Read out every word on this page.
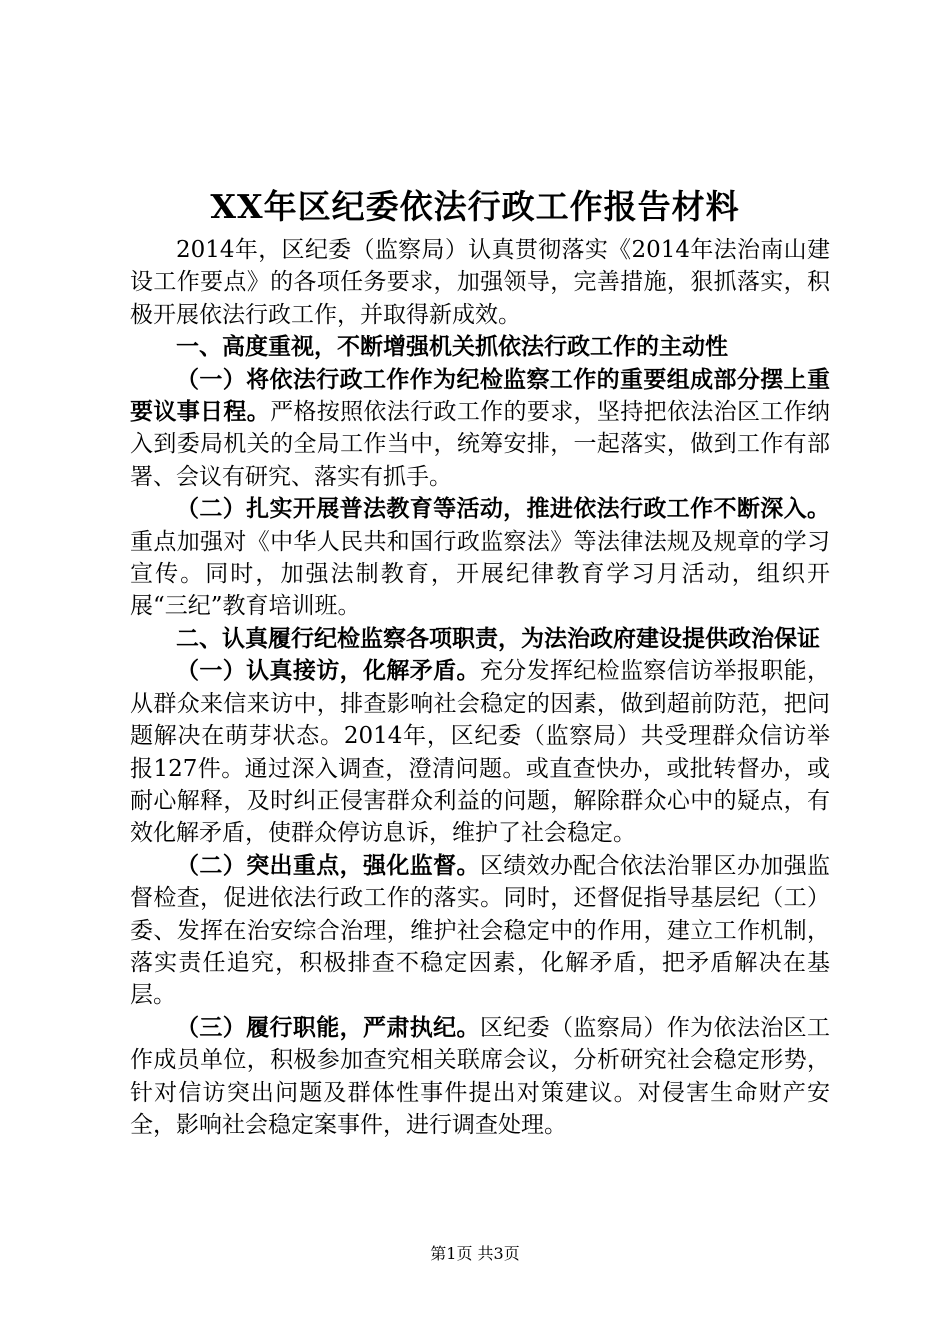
XX年区纪委依法行政工作报告材料

2014年，区纪委（监察局）认真贯彻落实《2014年法治南山建设工作要点》的各项任务要求，加强领导，完善措施，狠抓落实，积极开展依法行政工作，并取得新成效。

一、高度重视，不断增强机关抓依法行政工作的主动性

（一）将依法行政工作作为纪检监察工作的重要组成部分摆上重要议事日程。严格按照依法行政工作的要求，坚持把依法治区工作纳入到委局机关的全局工作当中，统筹安排，一起落实，做到工作有部署、会议有研究、落实有抓手。

（二）扎实开展普法教育等活动，推进依法行政工作不断深入。重点加强对《中华人民共和国行政监察法》等法律法规及规章的学习宣传。同时，加强法制教育，开展纪律教育学习月活动，组织开展“三纪”教育培训班。

二、认真履行纪检监察各项职责，为法治政府建设提供政治保证

（一）认真接访，化解矛盾。充分发挥纪检监察信访举报职能，从群众来信来访中，排查影响社会稳定的因素，做到超前防范，把问题解决在萌芽状态。2014年，区纪委（监察局）共受理群众信访举报127件。通过深入调查，澄清问题。或直查快办，或批转督办，或耐心解释，及时纠正侵害群众利益的问题，解除群众心中的疑点，有效化解矛盾，使群众停访息诉，维护了社会稳定。

（二）突出重点，强化监督。区绩效办配合依法治罪区办加强监督检查，促进依法行政工作的落实。同时，还督促指导基层纪（工）委、发挥在治安综合治理，维护社会稳定中的作用，建立工作机制，落实责任追究，积极排查不稳定因素，化解矛盾，把矛盾解决在基层。

（三）履行职能，严肃执纪。区纪委（监察局）作为依法治区工作成员单位，积极参加查究相关联席会议，分析研究社会稳定形势，针对信访突出问题及群体性事件提出对策建议。对侵害生命财产安全，影响社会稳定案事件，进行调查处理。

第1页 共3页
